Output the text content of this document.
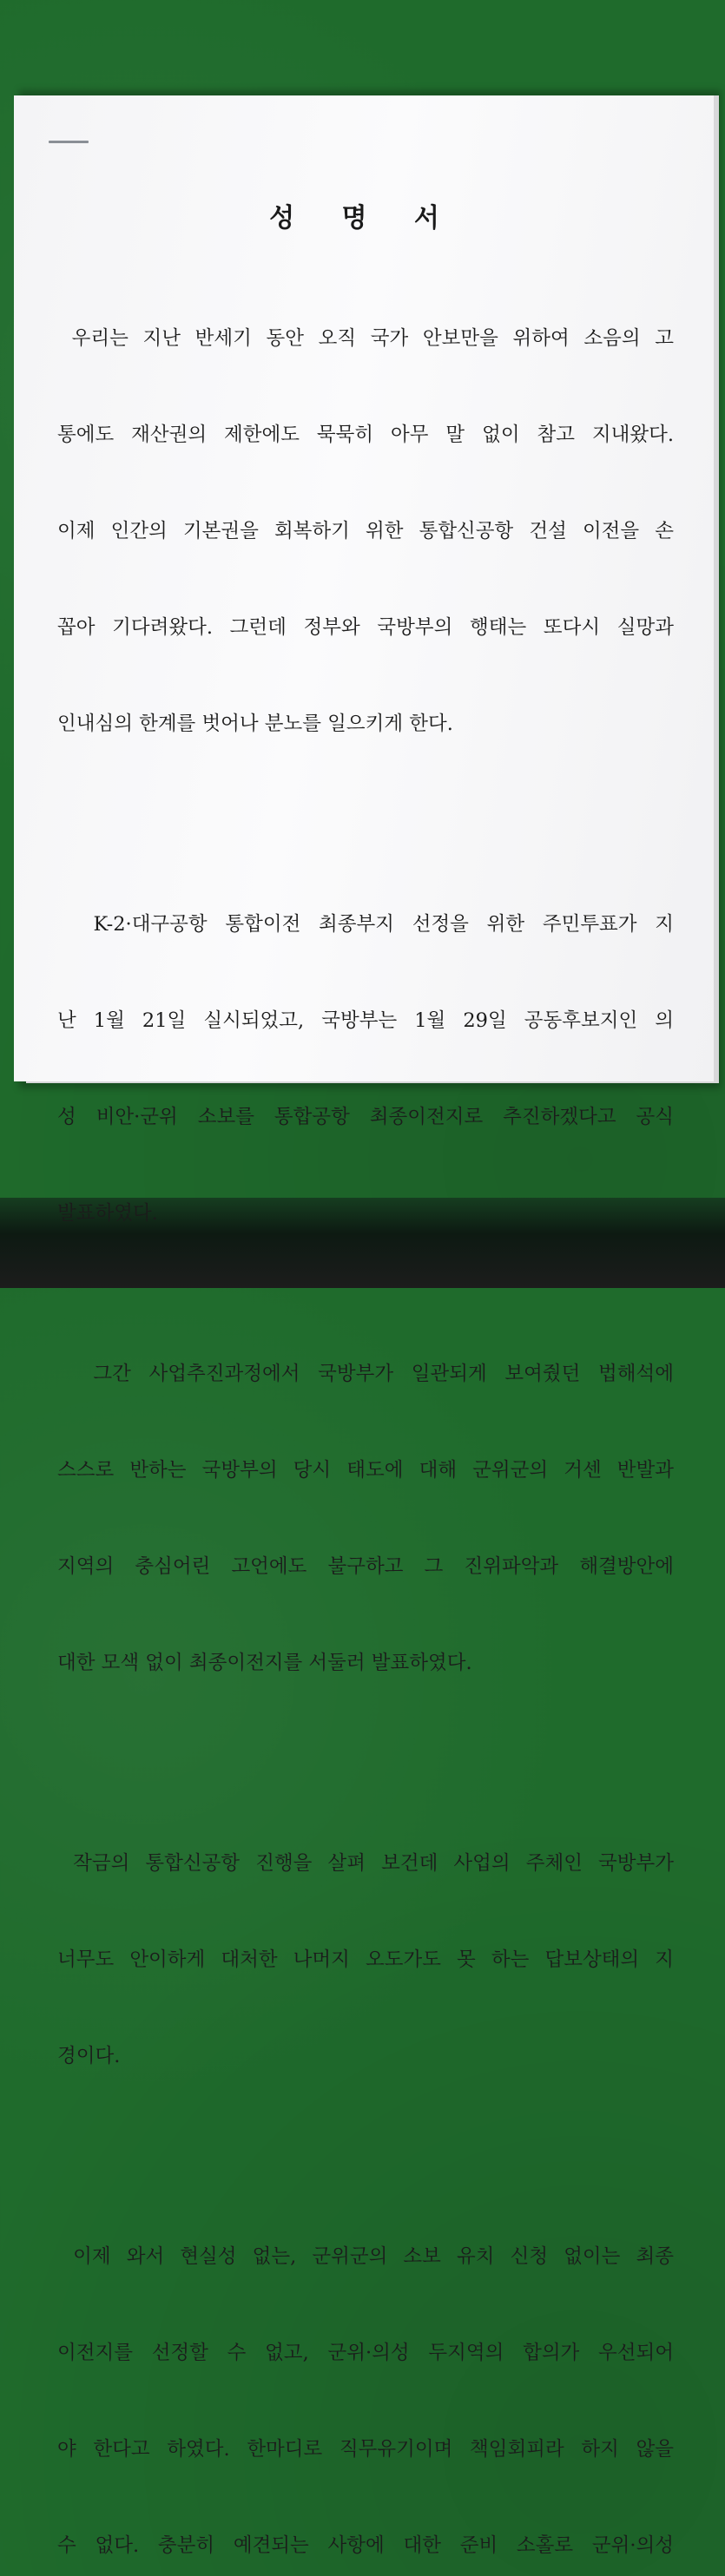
성 명 서

우리는 지난 반세기 동안 오직 국가 안보만을 위하여 소음의 고

통에도 재산권의 제한에도 묵묵히 아무 말 없이 참고 지내왔다.

이제 인간의 기본권을 회복하기 위한 통합신공항 건설 이전을 손

꼽아 기다려왔다. 그런데 정부와 국방부의 행태는 또다시 실망과

인내심의 한계를 벗어나 분노를 일으키게 한다.

K-2·대구공항 통합이전 최종부지 선정을 위한 주민투표가 지

난 1월 21일 실시되었고, 국방부는 1월 29일 공동후보지인 의

성 비안·군위 소보를 통합공항 최종이전지로 추진하겠다고 공식

발표하였다.

그간 사업추진과정에서 국방부가 일관되게 보여줬던 법해석에

스스로 반하는 국방부의 당시 태도에 대해 군위군의 거센 반발과

지역의 충심어린 고언에도 불구하고 그 진위파악과 해결방안에

대한 모색 없이 최종이전지를 서둘러 발표하였다.

작금의 통합신공항 진행을 살펴 보건데 사업의 주체인 국방부가

너무도 안이하게 대처한 나머지 오도가도 못 하는 답보상태의 지

경이다.

이제 와서 현실성 없는, 군위군의 소보 유치 신청 없이는 최종

이전지를 선정할 수 없고, 군위·의성 두지역의 합의가 우선되어

야 한다고 하였다. 한마디로 직무유기이며 책임회피라 하지 않을

수 없다. 충분히 예견되는 사항에 대한 준비 소홀로 군위·의성
